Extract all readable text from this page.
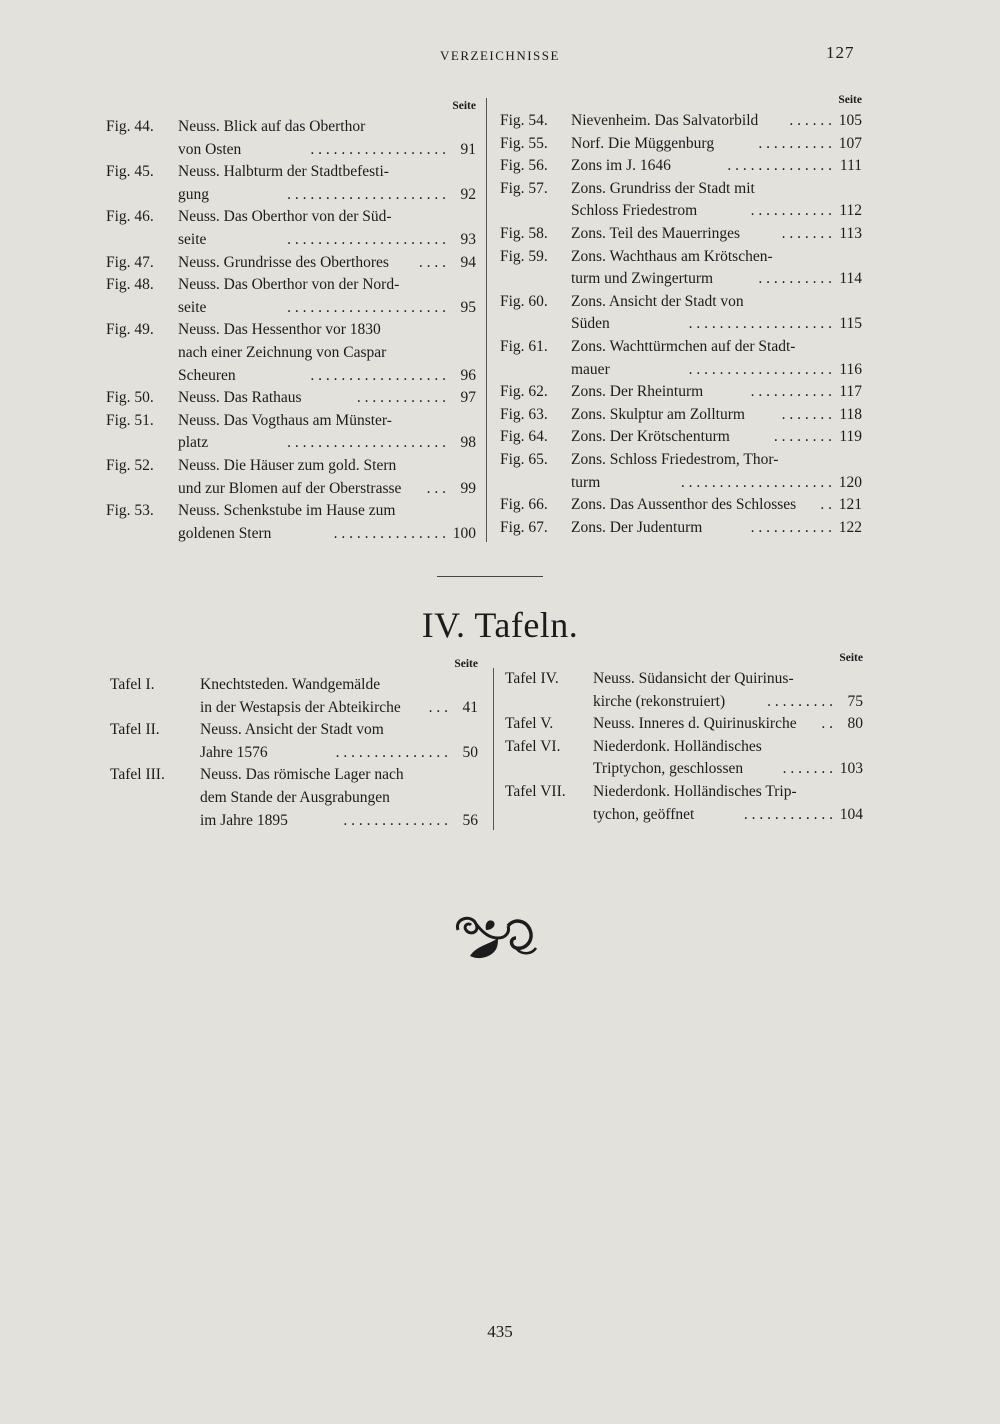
VERZEICHNISSE	127
Seite
Fig. 44. Neuss. Blick auf das Oberthor
von Osten	. . . . . . . . . . . . . . . . . . 91
Fig. 45. Neuss. Halbturm der Stadtbefesti-
gung	. . . . . . . . . . . . . . . . . . . . . 92
Fig. 46. Neuss. Das Oberthor von der Süd-
seite	. . . . . . . . . . . . . . . . . . . . . 93
Fig. 47. Neuss. Grundrisse des Oberthores	. . . . 94
Fig. 48. Neuss. Das Oberthor von der Nord-
seite	. . . . . . . . . . . . . . . . . . . . . 95
Fig. 49. Neuss. Das Hessenthor vor 1830
nach einer Zeichnung von Caspar
Scheuren	. . . . . . . . . . . . . . . . . . 96
Fig. 50. Neuss. Das Rathaus	. . . . . . . . . . . . 97
Fig. 51. Neuss. Das Vogthaus am Münster-
platz	. . . . . . . . . . . . . . . . . . . . . 98
Fig. 52. Neuss. Die Häuser zum gold. Stern
und zur Blomen auf der Oberstrasse	. . . 99
Fig. 53. Neuss. Schenkstube im Hause zum
goldenen Stern	. . . . . . . . . . . . . . . 100
Seite
Fig. 54. Nievenheim. Das Salvatorbild	. . . . . . 105
Fig. 55. Norf. Die Müggenburg	. . . . . . . . . . 107
Fig. 56. Zons im J. 1646	. . . . . . . . . . . . . . 111
Fig. 57. Zons. Grundriss der Stadt mit
Schloss Friedestrom	. . . . . . . . . . . 112
Fig. 58. Zons. Teil des Mauerringes	. . . . . . . 113
Fig. 59. Zons. Wachthaus am Krötschen-
turm und Zwingerturm	. . . . . . . . . . 114
Fig. 60. Zons. Ansicht der Stadt von
Süden	. . . . . . . . . . . . . . . . . . . 115
Fig. 61. Zons. Wachttürmchen auf der Stadt-
mauer	. . . . . . . . . . . . . . . . . . . 116
Fig. 62. Zons. Der Rheinturm	. . . . . . . . . . . 117
Fig. 63. Zons. Skulptur am Zollturm	. . . . . . . 118
Fig. 64. Zons. Der Krötschenturm	. . . . . . . . 119
Fig. 65. Zons. Schloss Friedestrom, Thor-
turm	. . . . . . . . . . . . . . . . . . . . 120
Fig. 66. Zons. Das Aussenthor des Schlosses	. . 121
Fig. 67. Zons. Der Judenturm	. . . . . . . . . . . 122
IV. Tafeln.
Seite
Tafel I.	Knechtsteden. Wandgemälde
in der Westapsis der Abteikirche	. . . 41
Tafel II.	Neuss. Ansicht der Stadt vom
Jahre 1576	. . . . . . . . . . . . . . . 50
Tafel III. Neuss. Das römische Lager nach
dem Stande der Ausgrabungen
im Jahre 1895	. . . . . . . . . . . . . . 56
Seite
Tafel IV. Neuss. Südansicht der Quirinus-
kirche (rekonstruiert)	. . . . . . . . . 75
Tafel V.	Neuss. Inneres d. Quirinuskirche	. . 80
Tafel VI. Niederdonk. Holländisches
Triptychon, geschlossen	. . . . . . . 103
Tafel VII. Niederdonk. Holländisches Trip-
tychon, geöffnet	. . . . . . . . . . . . 104
435
